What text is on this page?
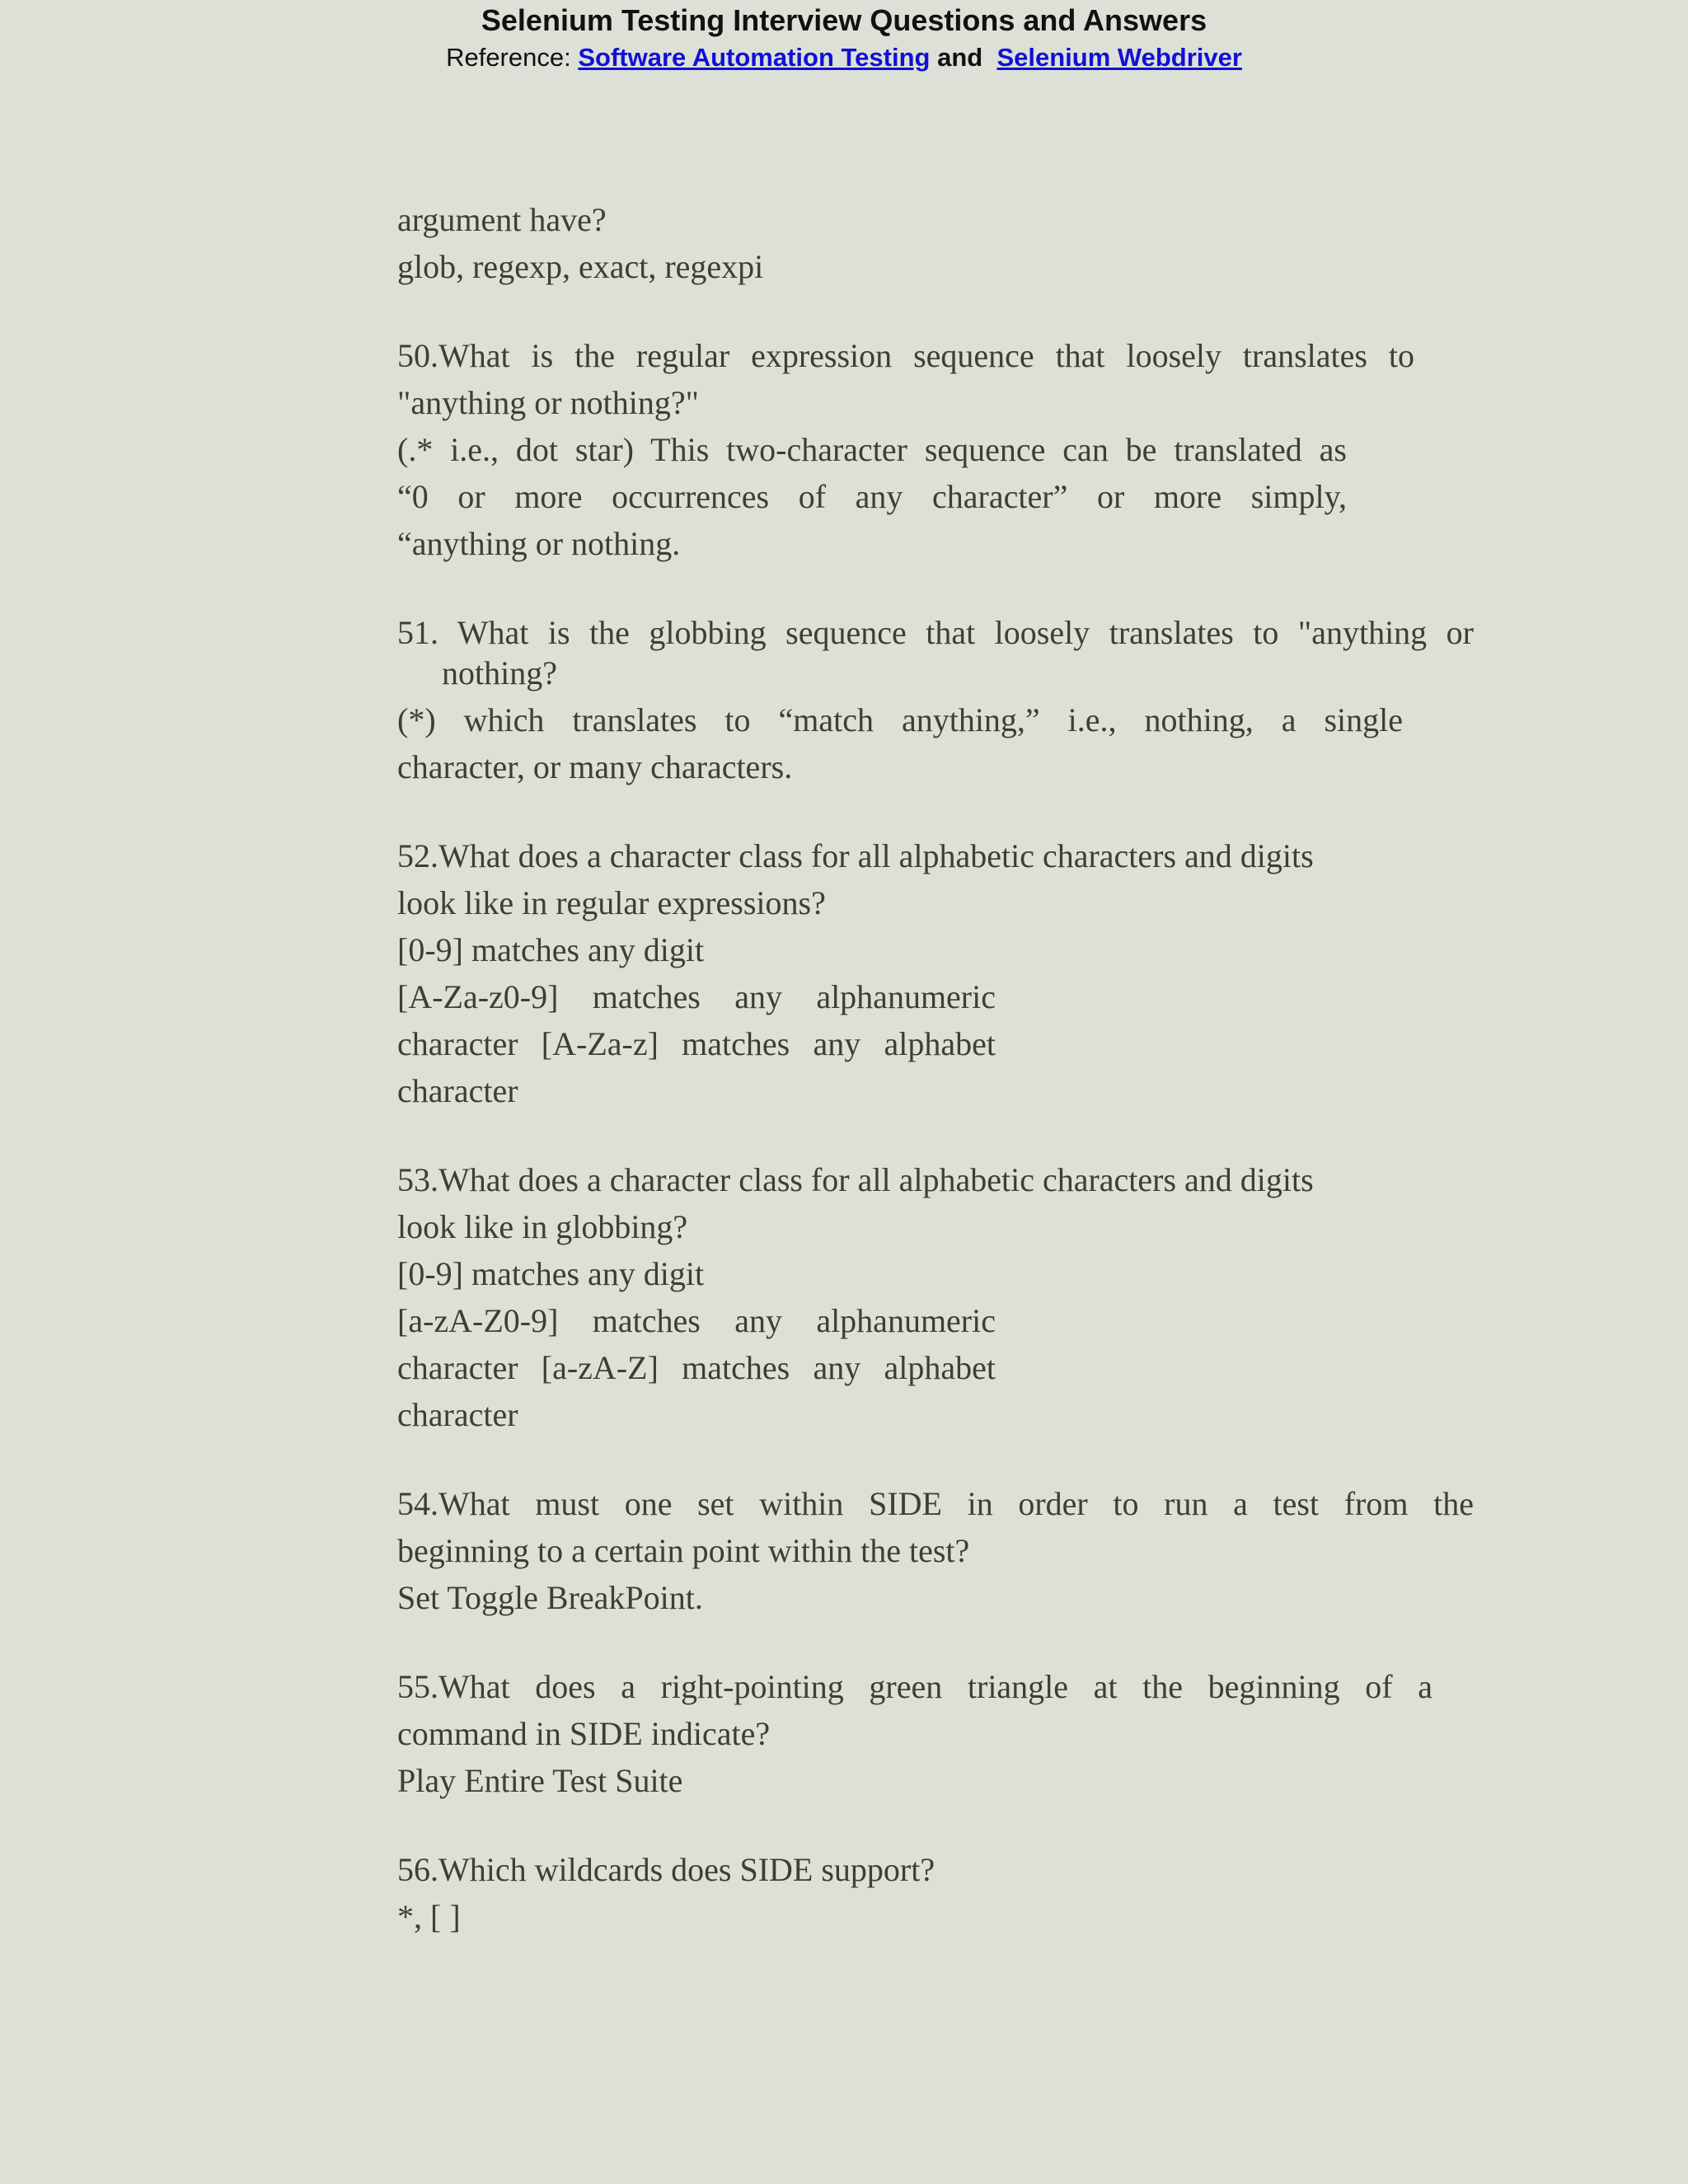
Selenium Testing Interview Questions and Answers
Reference: Software Automation Testing and Selenium Webdriver
argument have?
glob, regexp, exact, regexpi
50.What is the regular expression sequence that loosely translates to
"anything or nothing?"
(.* i.e., dot star) This two-character sequence can be translated as
“0 or more occurrences of any character” or more simply,
“anything or nothing.
51. What is the globbing sequence that loosely translates to "anything or
nothing?
(*) which translates to “match anything,” i.e., nothing, a single
character, or many characters.
52.What does a character class for all alphabetic characters and digits
look like in regular expressions?
[0-9] matches any digit
[A-Za-z0-9] matches any alphanumeric
character [A-Za-z] matches any alphabet
character
53.What does a character class for all alphabetic characters and digits
look like in globbing?
[0-9] matches any digit
[a-zA-Z0-9] matches any alphanumeric
character [a-zA-Z] matches any alphabet
character
54.What must one set within SIDE in order to run a test from the
beginning to a certain point within the test?
Set Toggle BreakPoint.
55.What does a right-pointing green triangle at the beginning of a
command in SIDE indicate?
Play Entire Test Suite
56.Which wildcards does SIDE support?
*, [ ]
